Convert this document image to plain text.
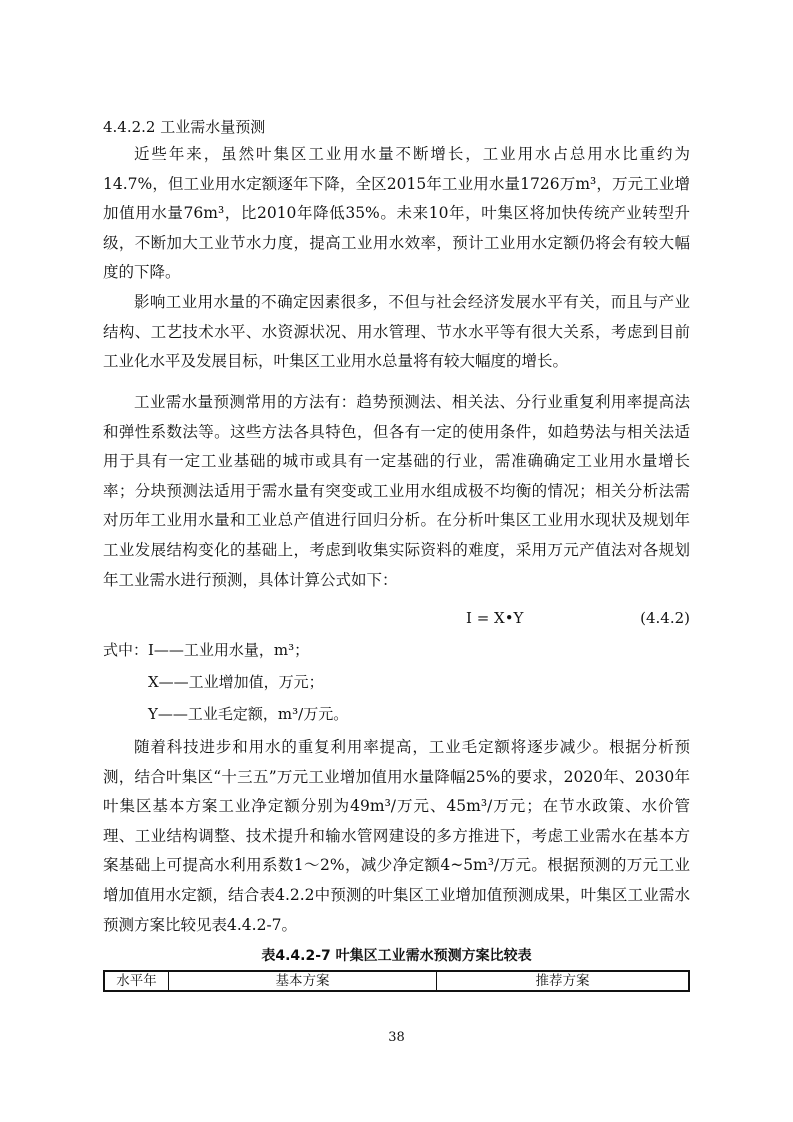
4.4.2.2 工业需水量预测

近些年来，虽然叶集区工业用水量不断增长，工业用水占总用水比重约为14.7%，但工业用水定额逐年下降，全区2015年工业用水量1726万m³，万元工业增加值用水量76m³，比2010年降低35%。未来10年，叶集区将加快传统产业转型升级，不断加大工业节水力度，提高工业用水效率，预计工业用水定额仍将会有较大幅度的下降。

影响工业用水量的不确定因素很多，不但与社会经济发展水平有关，而且与产业结构、工艺技术水平、水资源状况、用水管理、节水水平等有很大关系，考虑到目前工业化水平及发展目标，叶集区工业用水总量将有较大幅度的增长。

工业需水量预测常用的方法有：趋势预测法、相关法、分行业重复利用率提高法和弹性系数法等。这些方法各具特色，但各有一定的使用条件，如趋势法与相关法适用于具有一定工业基础的城市或具有一定基础的行业，需准确确定工业用水量增长率；分块预测法适用于需水量有突变或工业用水组成极不均衡的情况；相关分析法需对历年工业用水量和工业总产值进行回归分析。在分析叶集区工业用水现状及规划年工业发展结构变化的基础上，考虑到收集实际资料的难度，采用万元产值法对各规划年工业需水进行预测，具体计算公式如下：

I = X•Y	(4.4.2)
式中：I——工业用水量，m³；
X——工业增加值，万元；
Y——工业毛定额，m³/万元。

随着科技进步和用水的重复利用率提高，工业毛定额将逐步减少。根据分析预测，结合叶集区“十三五”万元工业增加值用水量降幅25%的要求，2020年、2030年叶集区基本方案工业净定额分别为49m³/万元、45m³/万元；在节水政策、水价管理、工业结构调整、技术提升和输水管网建设的多方推进下，考虑工业需水在基本方案基础上可提高水利用系数1～2%，减少净定额4~5m³/万元。根据预测的万元工业增加值用水定额，结合表4.2.2中预测的叶集区工业增加值预测成果，叶集区工业需水预测方案比较见表4.4.2-7。

表4.4.2-7 叶集区工业需水预测方案比较表
水平年	基本方案	推荐方案
38
